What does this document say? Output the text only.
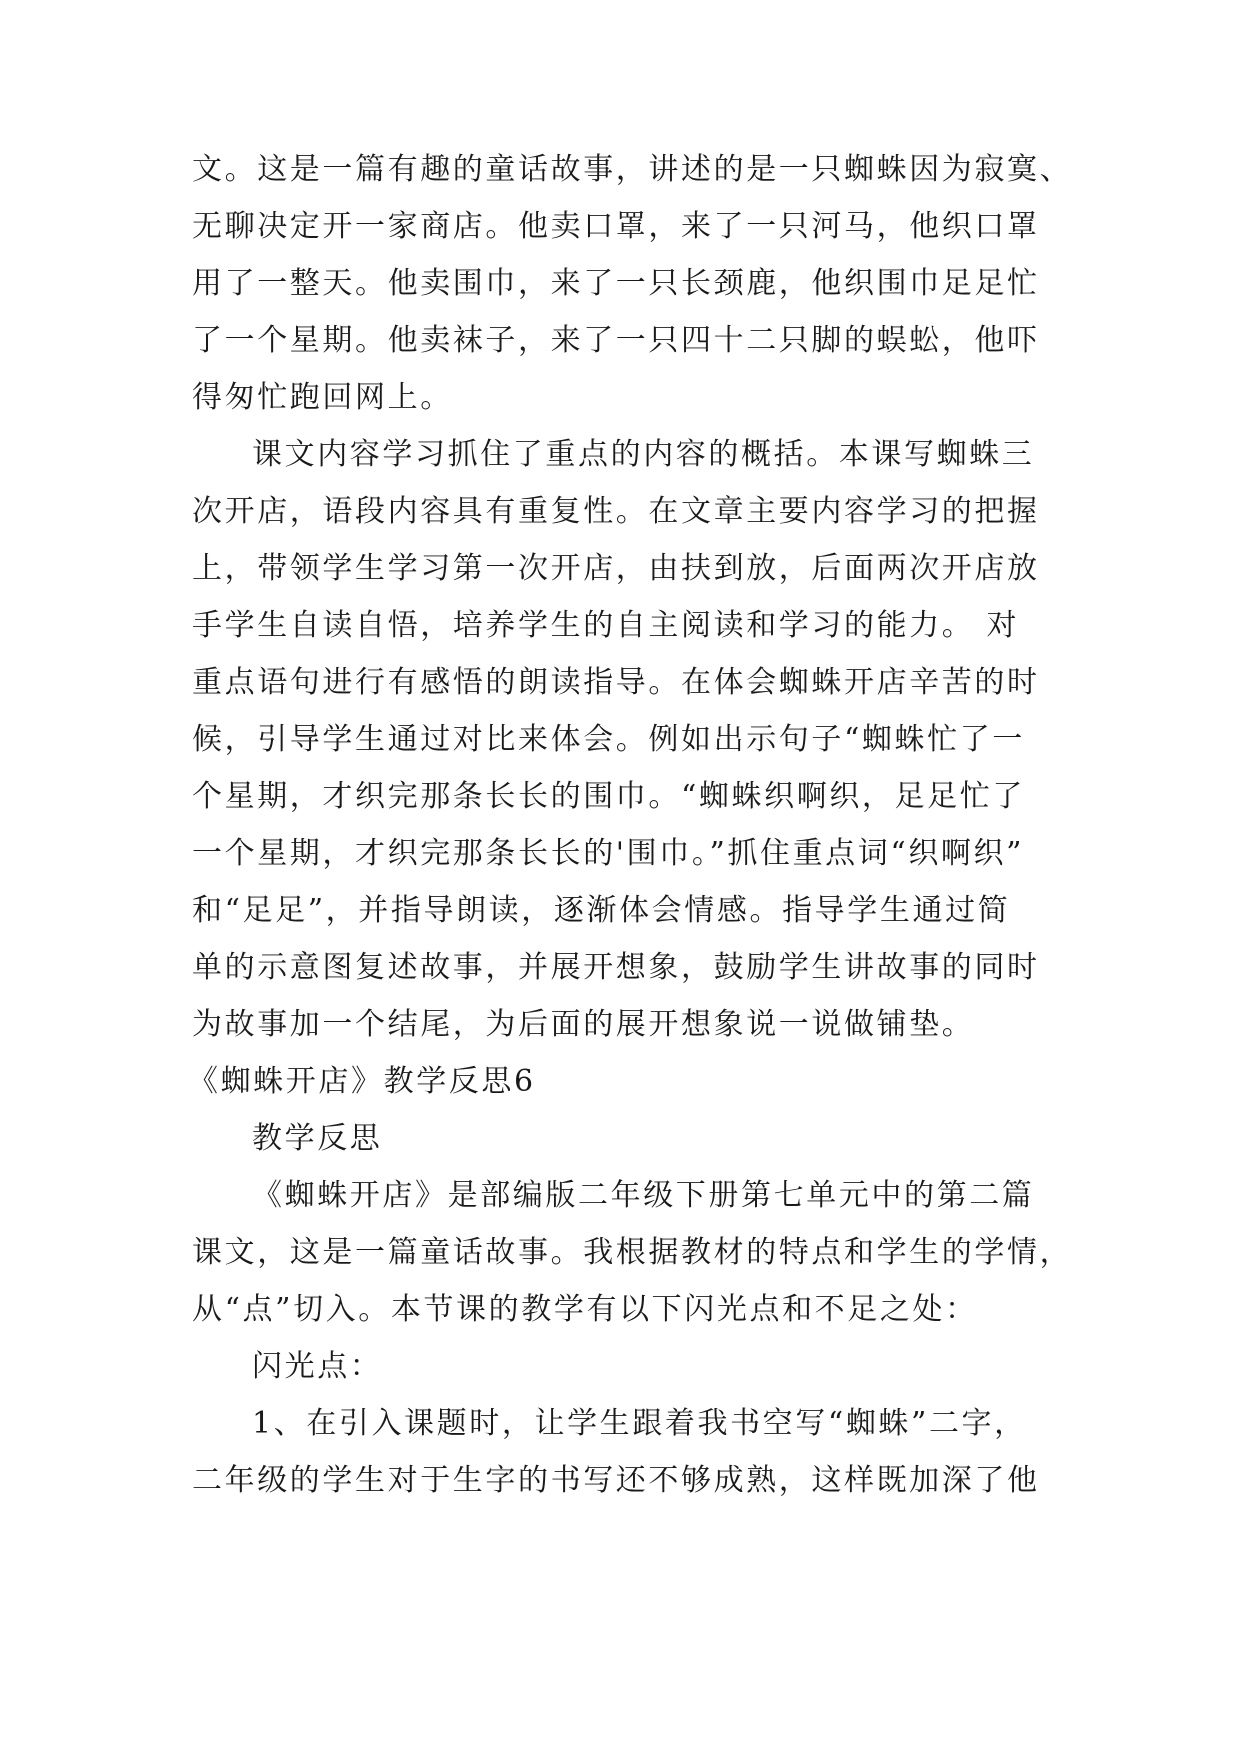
文。这是一篇有趣的童话故事，讲述的是一只蜘蛛因为寂寞、
无聊决定开一家商店。他卖口罩，来了一只河马，他织口罩
用了一整天。他卖围巾，来了一只长颈鹿，他织围巾足足忙
了一个星期。他卖袜子，来了一只四十二只脚的蜈蚣，他吓
得匆忙跑回网上。
课文内容学习抓住了重点的内容的概括。本课写蜘蛛三
次开店，语段内容具有重复性。在文章主要内容学习的把握
上，带领学生学习第一次开店，由扶到放，后面两次开店放
手学生自读自悟，培养学生的自主阅读和学习的能力。 对
重点语句进行有感悟的朗读指导。在体会蜘蛛开店辛苦的时
候，引导学生通过对比来体会。例如出示句子“蜘蛛忙了一
个星期，才织完那条长长的围巾。“蜘蛛织啊织，足足忙了
一个星期，才织完那条长长的'围巾。”抓住重点词“织啊织”
和“足足”，并指导朗读，逐渐体会情感。指导学生通过简
单的示意图复述故事，并展开想象，鼓励学生讲故事的同时
为故事加一个结尾，为后面的展开想象说一说做铺垫。
《蜘蛛开店》教学反思6
教学反思
《蜘蛛开店》是部编版二年级下册第七单元中的第二篇
课文，这是一篇童话故事。我根据教材的特点和学生的学情，
从“点”切入。本节课的教学有以下闪光点和不足之处：
闪光点：
1、在引入课题时，让学生跟着我书空写“蜘蛛”二字，
二年级的学生对于生字的书写还不够成熟，这样既加深了他
